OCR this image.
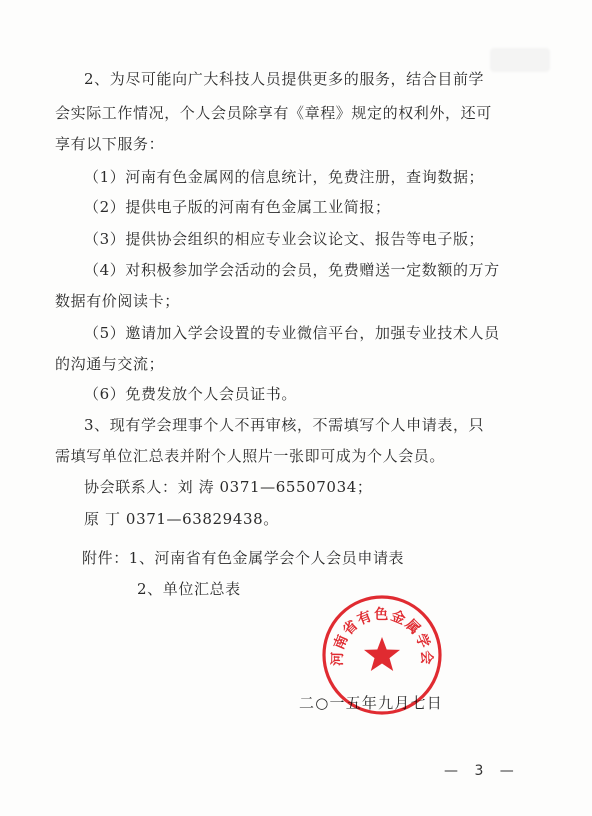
2、为尽可能向广大科技人员提供更多的服务，结合目前学
会实际工作情况，个人会员除享有《章程》规定的权利外，还可
享有以下服务：
（1）河南有色金属网的信息统计，免费注册，查询数据；
（2）提供电子版的河南有色金属工业简报；
（3）提供协会组织的相应专业会议论文、报告等电子版；
（4）对积极参加学会活动的会员，免费赠送一定数额的万方
数据有价阅读卡；
（5）邀请加入学会设置的专业微信平台，加强专业技术人员
的沟通与交流；
（6）免费发放个人会员证书。
3、现有学会理事个人不再审核，不需填写个人申请表，只
需填写单位汇总表并附个人照片一张即可成为个人会员。
协会联系人：刘 涛 0371—65507034；
原 丁 0371—63829438。
附件：1、河南省有色金属学会个人会员申请表
2、单位汇总表
二○一五年九月七日
河南省有色金属学会
— 3 —
